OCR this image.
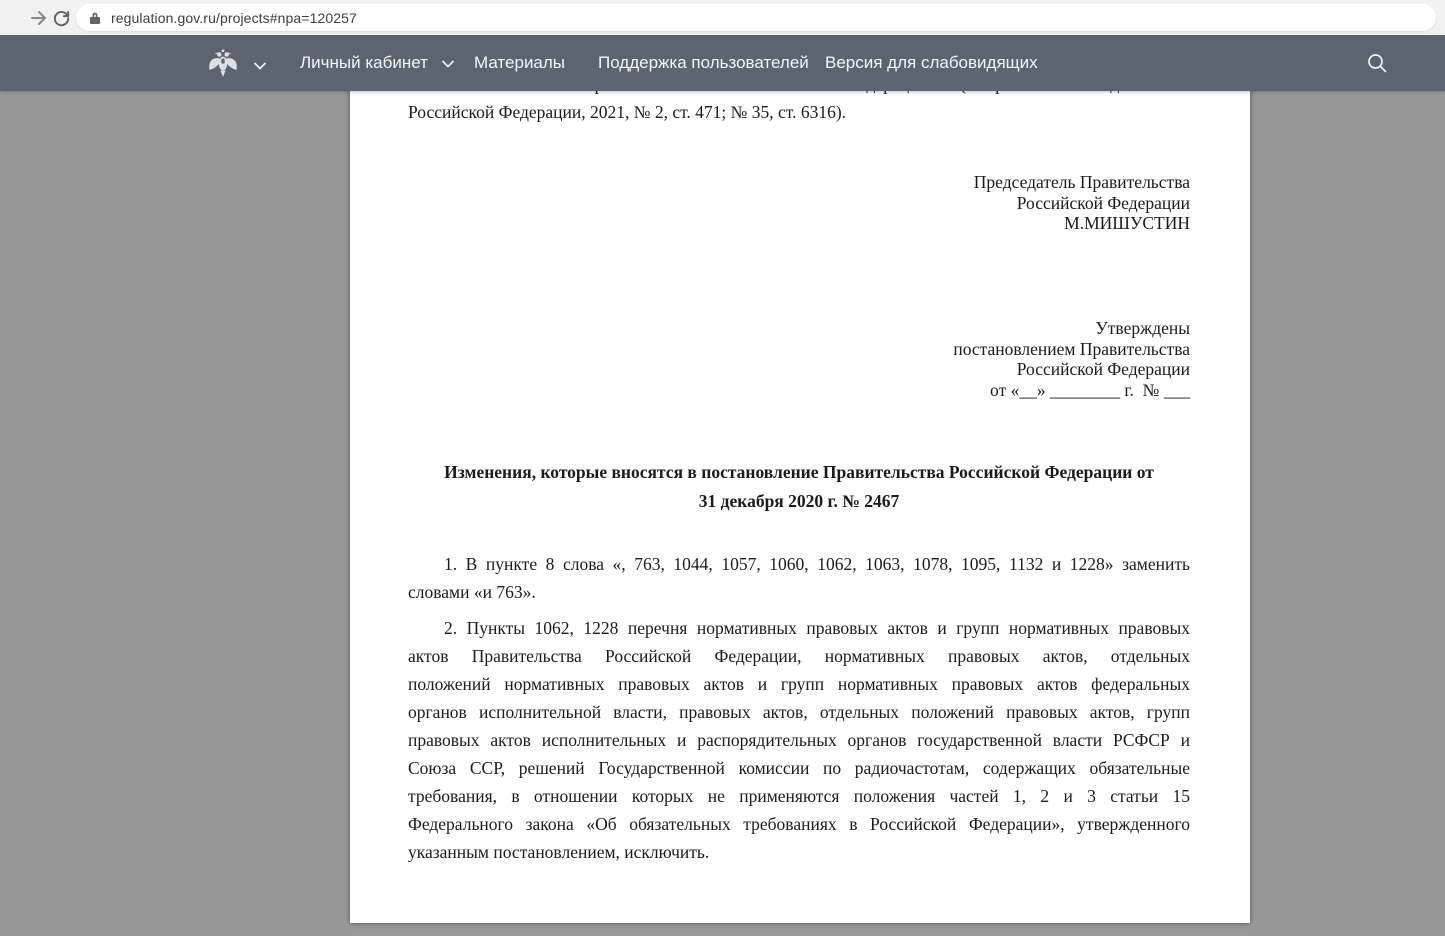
Российской Федерации, 2021, № 2, ст. 471; № 35, ст. 6316).
Председатель Правительства
Российской Федерации
М.МИШУСТИН
Утверждены
постановлением Правительства
Российской Федерации
от «__» ________ г.  № ___
Изменения, которые вносятся в постановление Правительства Российской Федерации от
31 декабря 2020 г. № 2467
1. В пункте 8 слова «, 763, 1044, 1057, 1060, 1062, 1063, 1078, 1095, 1132 и 1228» заменить
словами «и 763».
2. Пункты 1062, 1228 перечня нормативных правовых актов и групп нормативных правовых
актов Правительства Российской Федерации, нормативных правовых актов, отдельных
положений нормативных правовых актов и групп нормативных правовых актов федеральных
органов исполнительной власти, правовых актов, отдельных положений правовых актов, групп
правовых актов исполнительных и распорядительных органов государственной власти РСФСР и
Союза ССР, решений Государственной комиссии по радиочастотам, содержащих обязательные
требования, в отношении которых не применяются положения частей 1, 2 и 3 статьи 15
Федерального закона «Об обязательных требованиях в Российской Федерации», утвержденного
указанным постановлением, исключить.
regulation.gov.ru/projects#npa=120257
Личный кабинет	Материалы Поддержка пользователей Версия для слабовидящих
